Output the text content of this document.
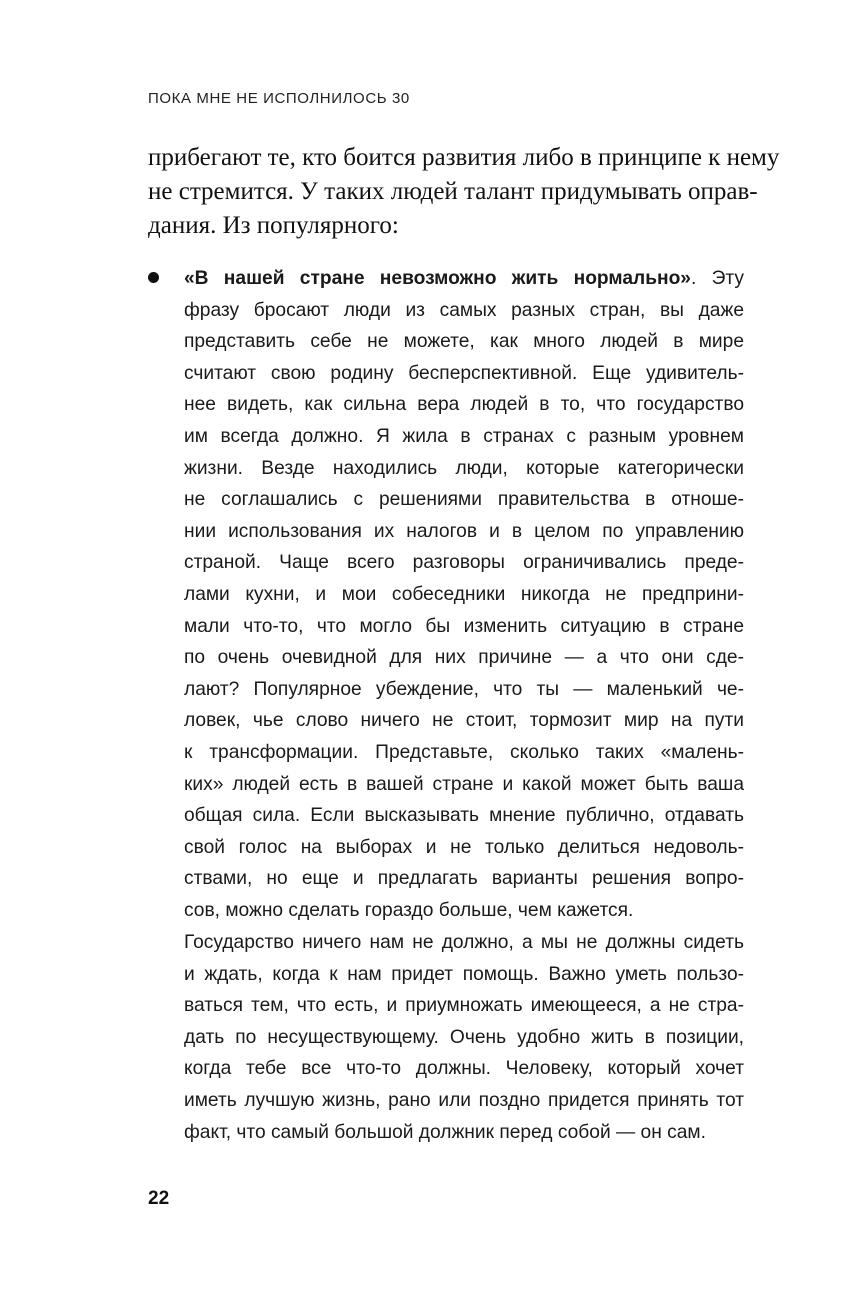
ПОКА МНЕ НЕ ИСПОЛНИЛОСЬ 30
прибегают те, кто боится развития либо в принципе к нему
не стремится. У таких людей талант придумывать оправ-
дания. Из популярного:
«В нашей стране невозможно жить нормально». Эту
фразу бросают люди из самых разных стран, вы даже
представить себе не можете, как много людей в мире
считают свою родину бесперспективной. Еще удивитель-
нее видеть, как сильна вера людей в то, что государство
им всегда должно. Я жила в странах с разным уровнем
жизни. Везде находились люди, которые категорически
не соглашались с решениями правительства в отноше-
нии использования их налогов и в целом по управлению
страной. Чаще всего разговоры ограничивались преде-
лами кухни, и мои собеседники никогда не предприни-
мали что-то, что могло бы изменить ситуацию в стране
по очень очевидной для них причине — а что они сде-
лают? Популярное убеждение, что ты — маленький че-
ловек, чье слово ничего не стоит, тормозит мир на пути
к трансформации. Представьте, сколько таких «малень-
ких» людей есть в вашей стране и какой может быть ваша
общая сила. Если высказывать мнение публично, отдавать
свой голос на выборах и не только делиться недоволь-
ствами, но еще и предлагать варианты решения вопро-
сов, можно сделать гораздо больше, чем кажется.
Государство ничего нам не должно, а мы не должны сидеть
и ждать, когда к нам придет помощь. Важно уметь пользо-
ваться тем, что есть, и приумножать имеющееся, а не стра-
дать по несуществующему. Очень удобно жить в позиции,
когда тебе все что-то должны. Человеку, который хочет
иметь лучшую жизнь, рано или поздно придется принять тот
факт, что самый большой должник перед собой — он сам.
22
